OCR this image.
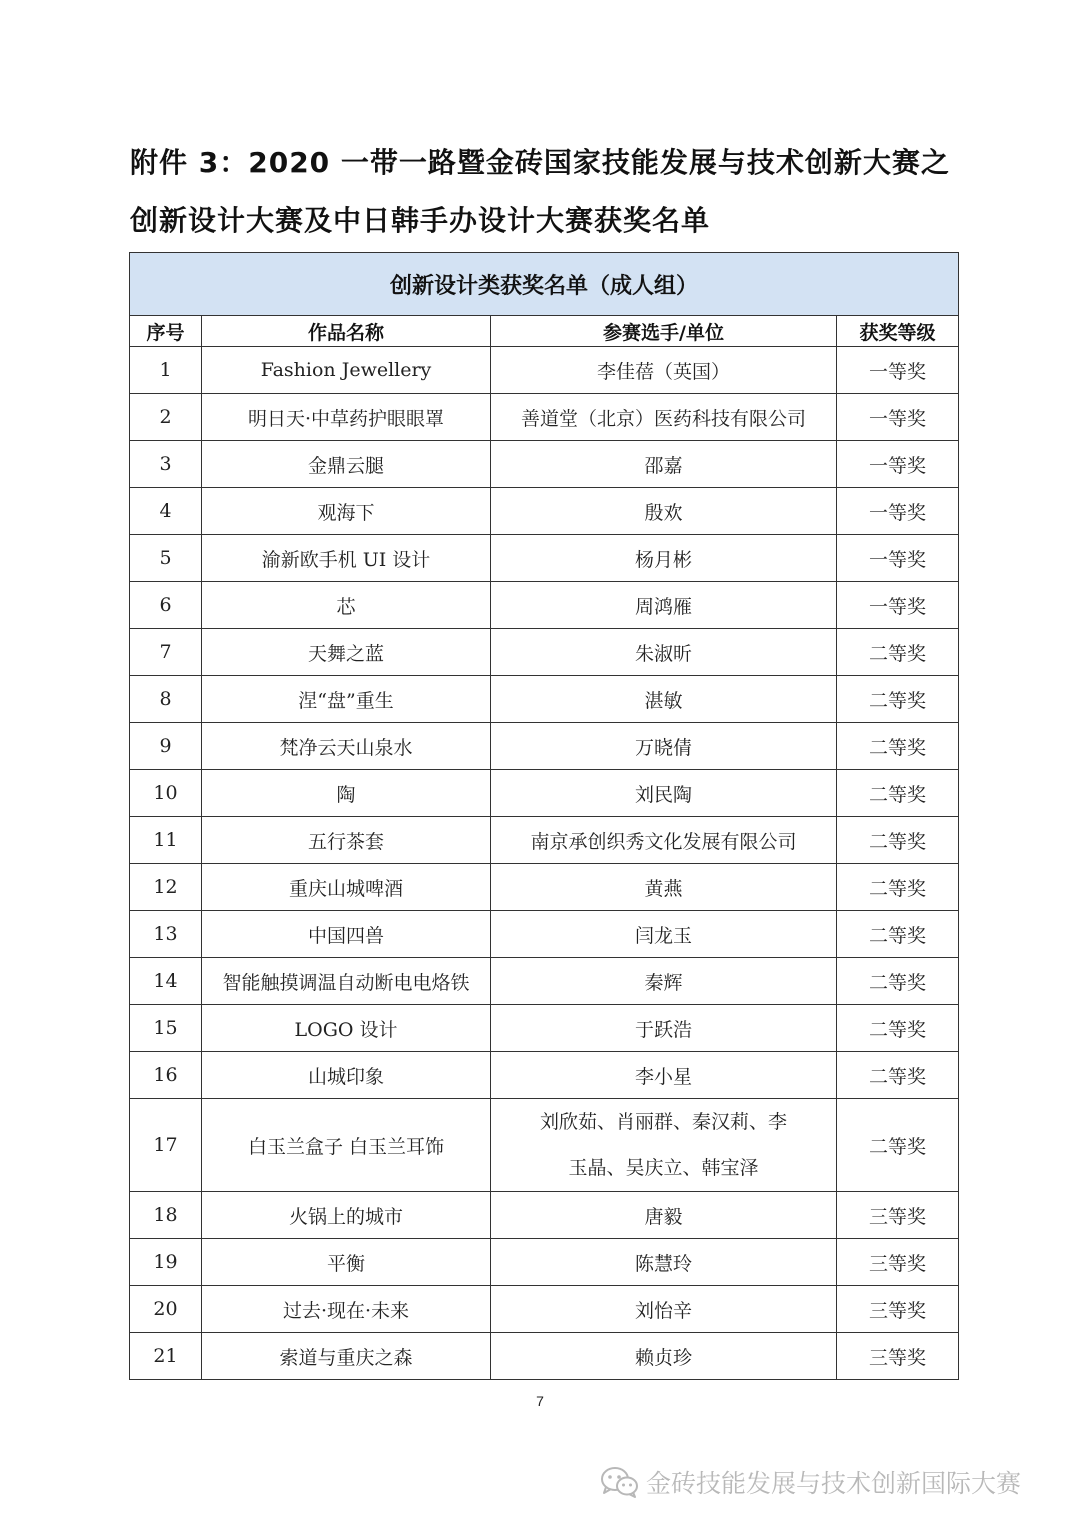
附件 3：2020 一带一路暨金砖国家技能发展与技术创新大赛之创新设计大赛及中日韩手办设计大赛获奖名单
创新设计类获奖名单（成人组）			
序号	作品名称	参赛选手/单位	获奖等级
1	Fashion Jewellery	李佳蓓（英国）	一等奖
2	明日天·中草药护眼眼罩	善道堂（北京）医药科技有限公司	一等奖
3	金鼎云腿	邵嘉	一等奖
4	观海下	殷欢	一等奖
5	渝新欧手机 UI 设计	杨月彬	一等奖
6	芯	周鸿雁	一等奖
7	天舞之蓝	朱淑昕	二等奖
8	涅“盘”重生	湛敏	二等奖
9	梵净云天山泉水	万晓倩	二等奖
10	陶	刘民陶	二等奖
11	五行茶套	南京承创织秀文化发展有限公司	二等奖
12	重庆山城啤酒	黄燕	二等奖
13	中国四兽	闫龙玉	二等奖
14	智能触摸调温自动断电电烙铁	秦辉	二等奖
15	LOGO 设计	于跃浩	二等奖
16	山城印象	李小星	二等奖
17	白玉兰盒子 白玉兰耳饰	刘欣茹、肖丽群、秦汉莉、李玉晶、吴庆立、韩宝泽	二等奖
18	火锅上的城市	唐毅	三等奖
19	平衡	陈慧玲	三等奖
20	过去·现在·未来	刘怡辛	三等奖
21	索道与重庆之森	赖贞珍	三等奖
7
金砖技能发展与技术创新国际大赛
